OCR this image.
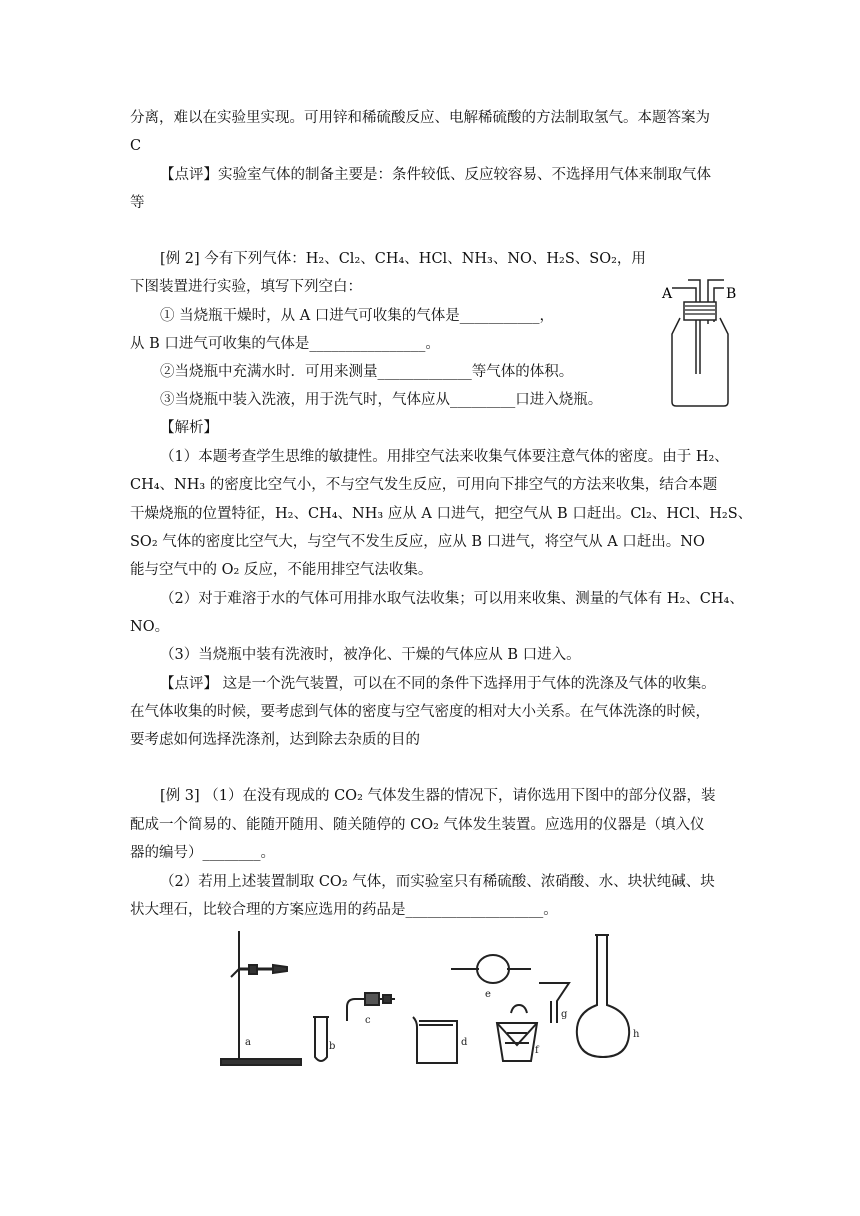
分离，难以在实验里实现。可用锌和稀硫酸反应、电解稀硫酸的方法制取氢气。本题答案为
C
【点评】实验室气体的制备主要是：条件较低、反应较容易、不选择用气体来制取气体
等
[例 2] 今有下列气体：H₂、Cl₂、CH₄、HCl、NH₃、NO、H₂S、SO₂，用
下图装置进行实验，填写下列空白：
① 当烧瓶干燥时，从 A 口进气可收集的气体是___________，
从 B 口进气可收集的气体是________________。
②当烧瓶中充满水时．可用来测量_____________等气体的体积。
③当烧瓶中装入洗液，用于洗气时，气体应从_________口进入烧瓶。
A	B
【解析】
（1）本题考查学生思维的敏捷性。用排空气法来收集气体要注意气体的密度。由于 H₂、
CH₄、NH₃ 的密度比空气小，不与空气发生反应，可用向下排空气的方法来收集，结合本题
干燥烧瓶的位置特征，H₂、CH₄、NH₃ 应从 A 口进气，把空气从 B 口赶出。Cl₂、HCl、H₂S、
SO₂ 气体的密度比空气大，与空气不发生反应，应从 B 口进气，将空气从 A 口赶出。NO
能与空气中的 O₂ 反应，不能用排空气法收集。
（2）对于难溶于水的气体可用排水取气法收集；可以用来收集、测量的气体有 H₂、CH₄、
NO。
（3）当烧瓶中装有洗液时，被净化、干燥的气体应从 B 口进入。
【点评】 这是一个洗气装置，可以在不同的条件下选择用于气体的洗涤及气体的收集。
在气体收集的时候，要考虑到气体的密度与空气密度的相对大小关系。在气体洗涤的时候，
要考虑如何选择洗涤剂，达到除去杂质的目的
[例 3] （1）在没有现成的 CO₂ 气体发生器的情况下，请你选用下图中的部分仪器，装
配成一个简易的、能随开随用、随关随停的 CO₂ 气体发生装置。应选用的仪器是（填入仪
器的编号）________。
（2）若用上述装置制取 CO₂ 气体，而实验室只有稀硫酸、浓硝酸、水、块状纯碱、块
状大理石，比较合理的方案应选用的药品是___________________。
a	b
c
d
e
f
g
h
